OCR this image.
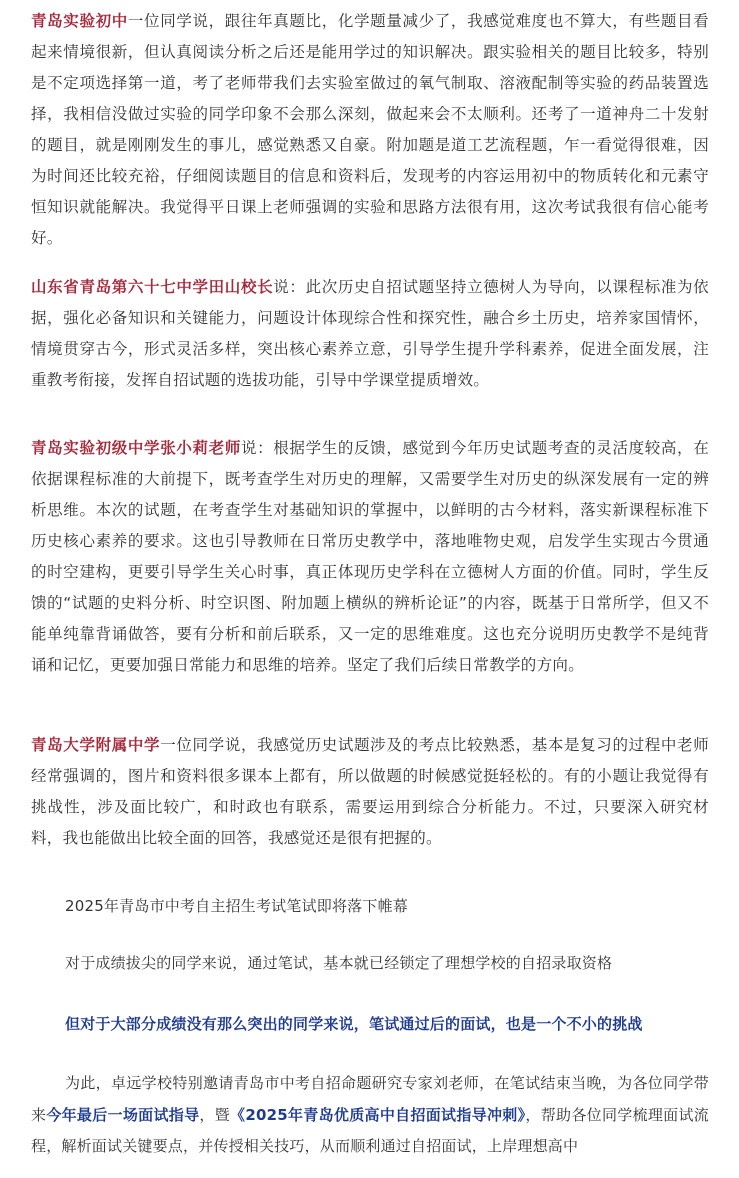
青岛实验初中一位同学说，跟往年真题比，化学题量减少了，我感觉难度也不算大，有些题目看起来情境很新，但认真阅读分析之后还是能用学过的知识解决。跟实验相关的题目比较多，特别是不定项选择第一道，考了老师带我们去实验室做过的氧气制取、溶液配制等实验的药品装置选择，我相信没做过实验的同学印象不会那么深刻，做起来会不太顺利。还考了一道神舟二十发射的题目，就是刚刚发生的事儿，感觉熟悉又自豪。附加题是道工艺流程题，乍一看觉得很难，因为时间还比较充裕，仔细阅读题目的信息和资料后，发现考的内容运用初中的物质转化和元素守恒知识就能解决。我觉得平日课上老师强调的实验和思路方法很有用，这次考试我很有信心能考好。

山东省青岛第六十七中学田山校长说：此次历史自招试题坚持立德树人为导向，以课程标准为依据，强化必备知识和关键能力，问题设计体现综合性和探究性，融合乡土历史，培养家国情怀，情境贯穿古今，形式灵活多样，突出核心素养立意，引导学生提升学科素养，促进全面发展，注重教考衔接，发挥自招试题的选拔功能，引导中学课堂提质增效。

青岛实验初级中学张小莉老师说：根据学生的反馈，感觉到今年历史试题考查的灵活度较高，在依据课程标准的大前提下，既考查学生对历史的理解，又需要学生对历史的纵深发展有一定的辨析思维。本次的试题，在考查学生对基础知识的掌握中，以鲜明的古今材料，落实新课程标准下历史核心素养的要求。这也引导教师在日常历史教学中，落地唯物史观，启发学生实现古今贯通的时空建构，更要引导学生关心时事，真正体现历史学科在立德树人方面的价值。同时，学生反馈的“试题的史料分析、时空识图、附加题上横纵的辨析论证”的内容，既基于日常所学，但又不能单纯靠背诵做答，要有分析和前后联系，又一定的思维难度。这也充分说明历史教学不是纯背诵和记忆，更要加强日常能力和思维的培养。坚定了我们后续日常教学的方向。

青岛大学附属中学一位同学说，我感觉历史试题涉及的考点比较熟悉，基本是复习的过程中老师经常强调的，图片和资料很多课本上都有，所以做题的时候感觉挺轻松的。有的小题让我觉得有挑战性，涉及面比较广，和时政也有联系，需要运用到综合分析能力。不过，只要深入研究材料，我也能做出比较全面的回答，我感觉还是很有把握的。

2025年青岛市中考自主招生考试笔试即将落下帷幕

对于成绩拔尖的同学来说，通过笔试，基本就已经锁定了理想学校的自招录取资格

但对于大部分成绩没有那么突出的同学来说，笔试通过后的面试，也是一个不小的挑战

为此，卓远学校特别邀请青岛市中考自招命题研究专家刘老师，在笔试结束当晚，为各位同学带来今年最后一场面试指导，暨《2025年青岛优质高中自招面试指导冲刺》，帮助各位同学梳理面试流程，解析面试关键要点，并传授相关技巧，从而顺利通过自招面试，上岸理想高中
